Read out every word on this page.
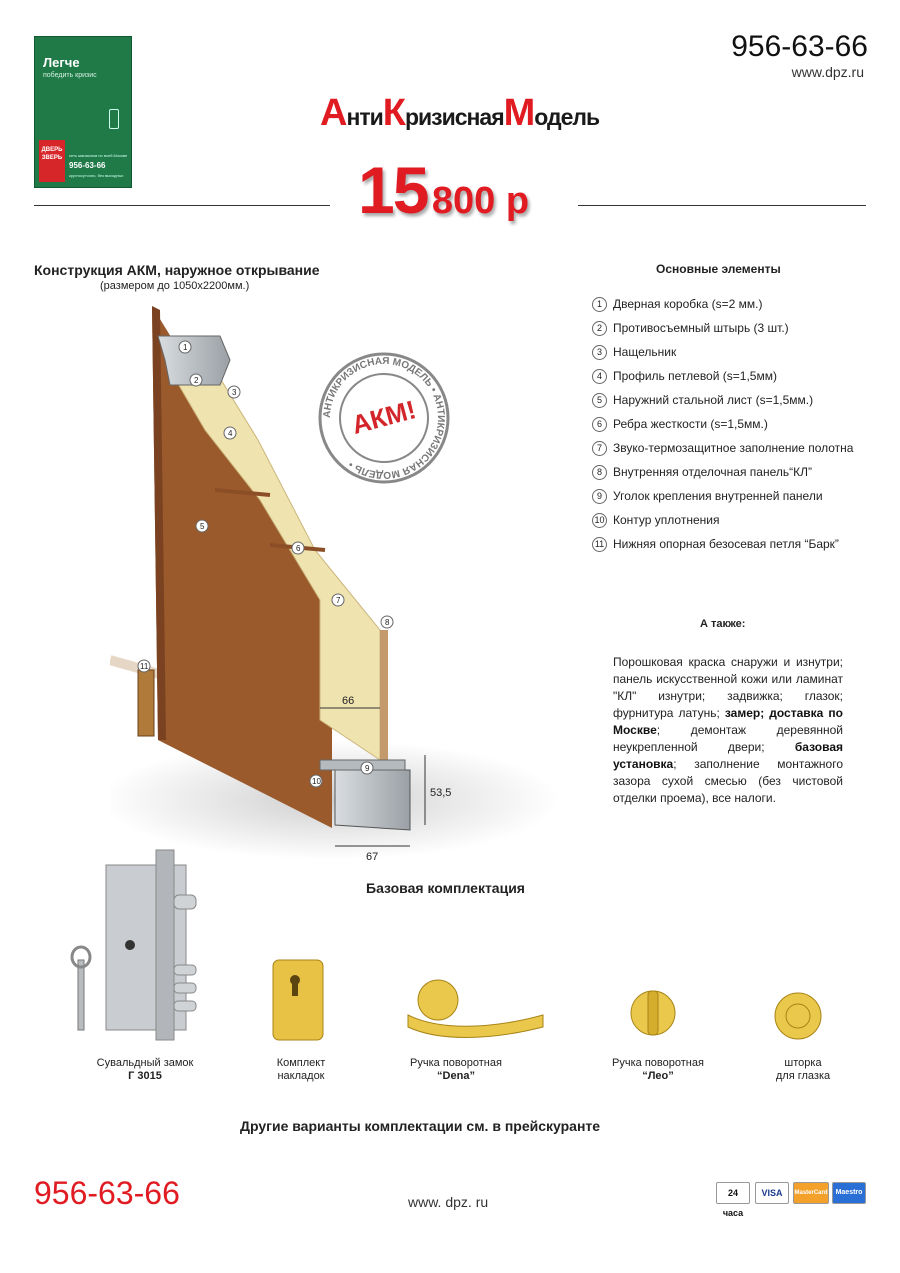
Легче
победить кризис
ДВЕРЬ ЗВЕРЬ	сеть магазинов по всей Москве
956-63-66
круглосуточно, без выходных
956-63-66
www.dpz.ru
АнтиКризиснаяМодель
15 800 р
Конструкция АКМ, наружное открывание
(размером до 1050х2200мм.)
66
67
53,5
АНТИКРИЗИСНАЯ МОДЕЛЬ • АНТИКРИЗИСНАЯ МОДЕЛЬ •
АКМ!
1
2
3
4
5
6
7
8
9
10
11
Основные элементы
1 Дверная коробка (s=2 мм.)
2 Противосъемный штырь (3 шт.)
3 Нащельник
4 Профиль петлевой (s=1,5мм)
5 Наружний стальной лист (s=1,5мм.)
6 Ребра жесткости (s=1,5мм.)
7 Звуко-термозащитное заполнение полотна
8 Внутренняя отделочная панель“КЛ”
9 Уголок крепления внутренней панели
10 Контур уплотнения
11 Нижняя опорная безосевая петля “Барк”
А также:
Порошковая краска снаружи и изнутри; панель искусственной кожи или ламинат "КЛ" изнутри; задвижка; глазок; фурнитура латунь; замер; доставка по Москве; демонтаж деревянной неукрепленной двери; базовая установка; заполнение монтажного зазора сухой смесью (без чистовой отделки проема), все налоги.
Базовая комплектация
Сувальдный замок
Г 3015
Комплект
накладок
Ручка поворотная
“Dena”
Ручка поворотная
“Лео”
шторка
для глазка
Другие варианты комплектации см. в прейскуранте
956-63-66	www. dpz. ru
24 часа
VISA	MasterCard	Maestro
